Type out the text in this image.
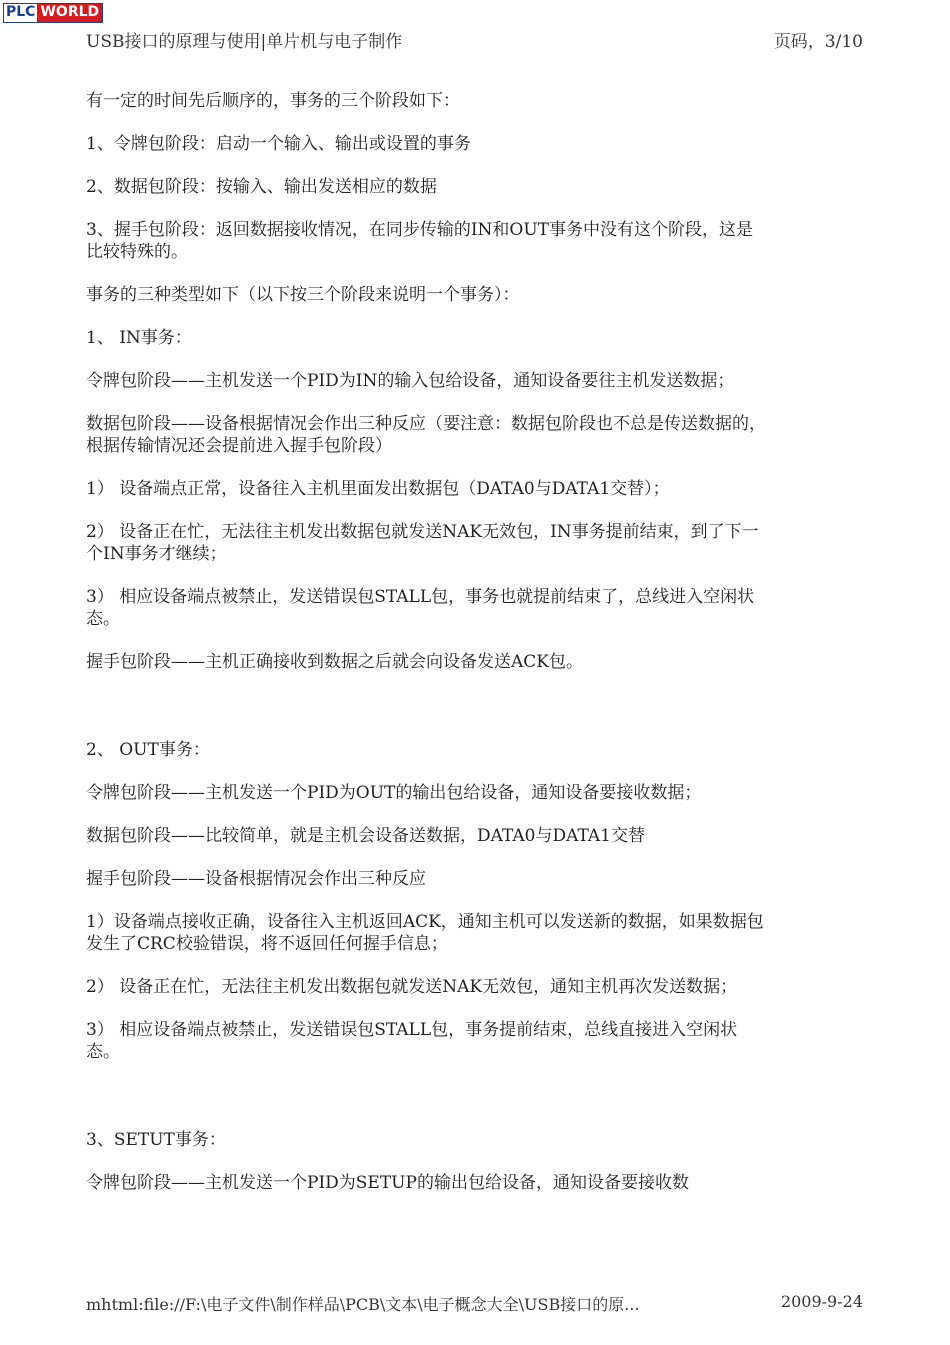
PLC WORLD
USB接口的原理与使用|单片机与电子制作	页码，3/10

有一定的时间先后顺序的，事务的三个阶段如下：

1、令牌包阶段：启动一个输入、输出或设置的事务

2、数据包阶段：按输入、输出发送相应的数据

3、握手包阶段：返回数据接收情况，在同步传输的IN和OUT事务中没有这个阶段，这是比较特殊的。

事务的三种类型如下（以下按三个阶段来说明一个事务）：

1、 IN事务：

令牌包阶段——主机发送一个PID为IN的输入包给设备，通知设备要往主机发送数据；

数据包阶段——设备根据情况会作出三种反应（要注意：数据包阶段也不总是传送数据的，根据传输情况还会提前进入握手包阶段）

1） 设备端点正常，设备往入主机里面发出数据包（DATA0与DATA1交替）；

2） 设备正在忙，无法往主机发出数据包就发送NAK无效包，IN事务提前结束，到了下一个IN事务才继续；

3） 相应设备端点被禁止，发送错误包STALL包，事务也就提前结束了，总线进入空闲状态。

握手包阶段——主机正确接收到数据之后就会向设备发送ACK包。

2、 OUT事务：

令牌包阶段——主机发送一个PID为OUT的输出包给设备，通知设备要接收数据；

数据包阶段——比较简单，就是主机会设备送数据，DATA0与DATA1交替

握手包阶段——设备根据情况会作出三种反应

1）设备端点接收正确，设备往入主机返回ACK，通知主机可以发送新的数据，如果数据包发生了CRC校验错误，将不返回任何握手信息；

2） 设备正在忙，无法往主机发出数据包就发送NAK无效包，通知主机再次发送数据；

3） 相应设备端点被禁止，发送错误包STALL包，事务提前结束，总线直接进入空闲状态。

3、SETUT事务：

令牌包阶段——主机发送一个PID为SETUP的输出包给设备，通知设备要接收数

mhtml:file://F:\电子文件\制作样品\PCB\文本\电子概念大全\USB接口的原...	2009-9-24
